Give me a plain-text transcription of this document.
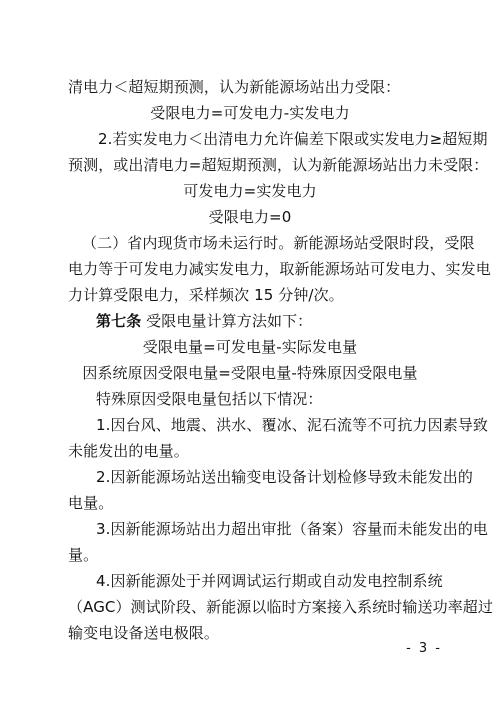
清电力＜超短期预测，认为新能源场站出力受限：
受限电力=可发电力-实发电力
2.若实发电力＜出清电力允许偏差下限或实发电力≥超短期
预测，或出清电力=超短期预测，认为新能源场站出力未受限：
可发电力=实发电力
受限电力=0
（二）省内现货市场未运行时。新能源场站受限时段，受限
电力等于可发电力减实发电力，取新能源场站可发电力、实发电
力计算受限电力，采样频次 15 分钟/次。
第七条 受限电量计算方法如下：
受限电量=可发电量-实际发电量
因系统原因受限电量=受限电量-特殊原因受限电量
特殊原因受限电量包括以下情况：
1.因台风、地震、洪水、覆冰、泥石流等不可抗力因素导致
未能发出的电量。
2.因新能源场站送出输变电设备计划检修导致未能发出的
电量。
3.因新能源场站出力超出审批（备案）容量而未能发出的电
量。
4.因新能源处于并网调试运行期或自动发电控制系统
（AGC）测试阶段、新能源以临时方案接入系统时输送功率超过
输变电设备送电极限。
- 3 -
